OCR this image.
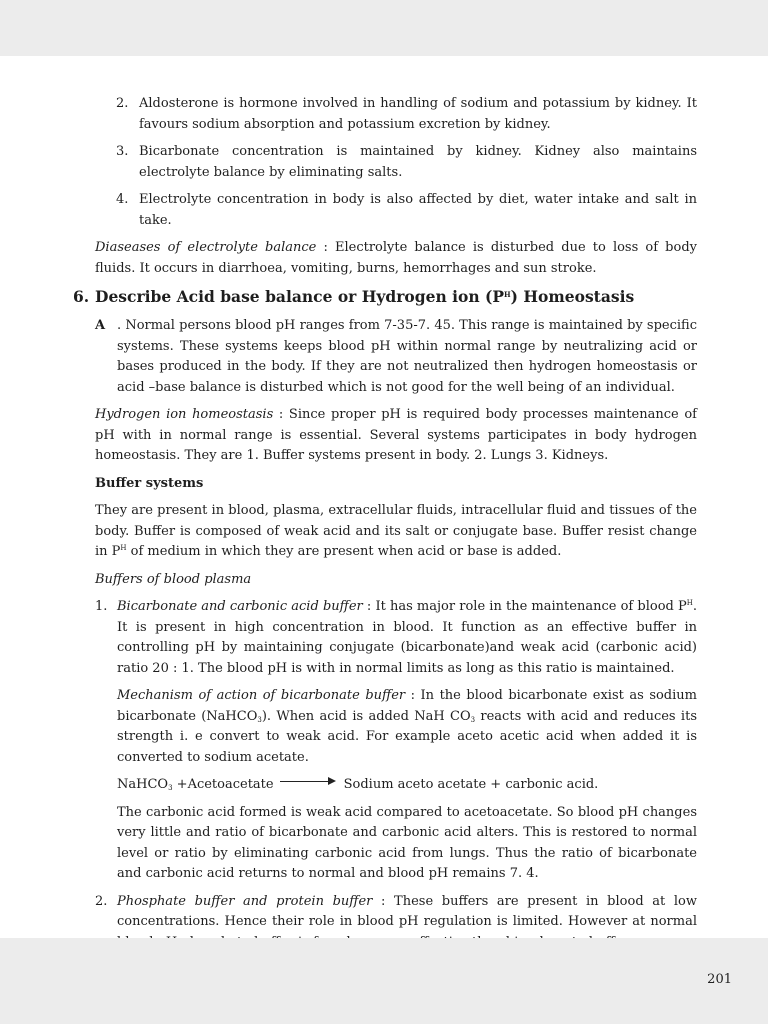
2. Aldosterone is hormone involved in handling of sodium and potassium by kidney. It favours sodium absorption and potassium excretion by kidney.
3. Bicarbonate concentration is maintained by kidney. Kidney also maintains electrolyte balance by eliminating salts.
4. Electrolyte concentration in body is also affected by diet, water intake and salt in take.

Diaseases of electrolyte balance : Electrolyte balance is disturbed due to loss of body fluids. It occurs in diarrhoea, vomiting, burns, hemorrhages and sun stroke.

6. Describe Acid base balance or Hydrogen ion $(P^H)$ Homeostasis
A . Normal persons blood pH ranges from 7-35-7. 45. This range is maintained by specific systems. These systems keeps blood pH within normal range by neutralizing acid or bases produced in the body. If they are not neutralized then hydrogen homeostasis or acid –base balance is disturbed which is not good for the well being of an individual.

Hydrogen ion homeostasis : Since proper pH is required body processes maintenance of pH with in normal range is essential. Several systems participates in body hydrogen homeostasis. They are 1. Buffer systems present in body. 2. Lungs 3. Kidneys.

Buffer systems

They are present in blood, plasma, extracellular fluids, intracellular fluid and tissues of the body. Buffer is composed of weak acid and its salt or conjugate base. Buffer resist change in $P^H$ of medium in which they are present when acid or base is added.

Buffers of blood plasma

1. Bicarbonate and carbonic acid buffer : It has major role in the maintenance of blood $P^H$. It is present in high concentration in blood. It function as an effective buffer in controlling pH by maintaining conjugate (bicarbonate)and weak acid (carbonic acid) ratio 20 : 1. The blood pH is with in normal limits as long as this ratio is maintained.

Mechanism of action of bicarbonate buffer : In the blood bicarbonate exist as sodium bicarbonate (NaHCO$_3$). When acid is added NaH $CO_3$ reacts with acid and reduces its strength i. e convert to weak acid. For example aceto acetic acid when added it is converted to sodium acetate.

NaHCO$_3$ +Acetoacetate	Sodium aceto acetate + carbonic acid.

The carbonic acid formed is weak acid compared to acetoacetate. So blood pH changes very little and ratio of bicarbonate and carbonic acid alters. This is restored to normal level or ratio by eliminating carbonic acid from lungs. Thus the ratio of bicarbonate and carbonic acid returns to normal and blood pH remains 7. 4.

2. Phosphate buffer and protein buffer : These buffers are present in blood at low concentrations. Hence their role in blood pH regulation is limited. However at normal
201
